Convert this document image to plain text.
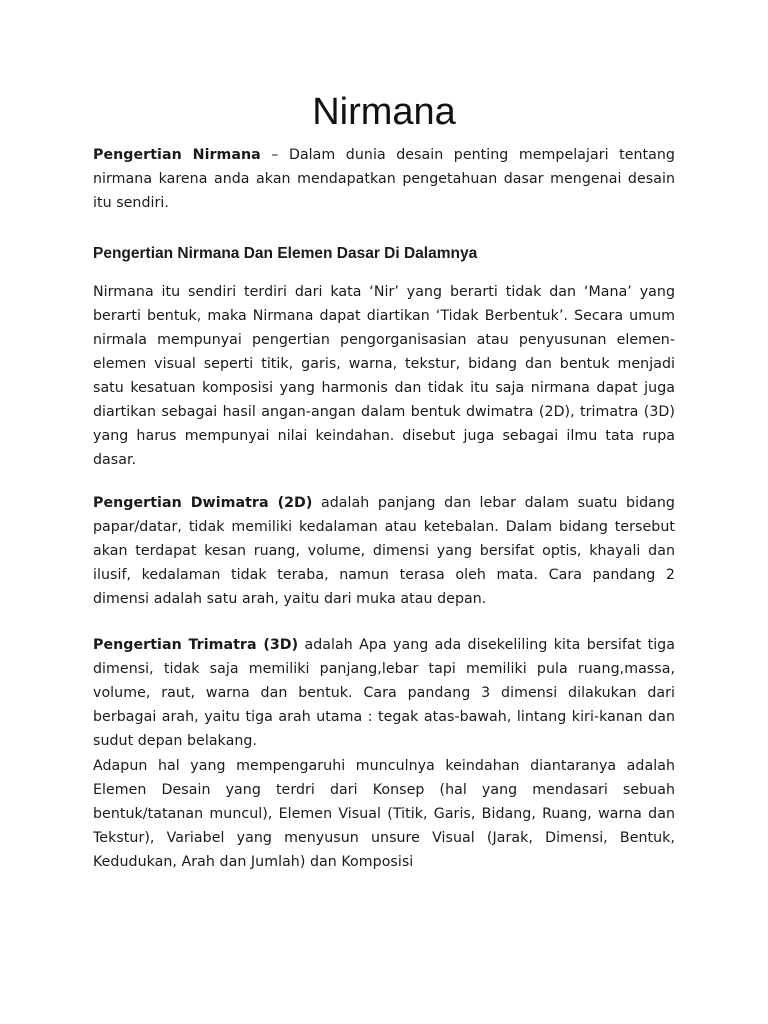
Nirmana

Pengertian Nirmana – Dalam dunia desain penting mempelajari tentang nirmana karena anda akan mendapatkan pengetahuan dasar mengenai desain itu sendiri.

Pengertian Nirmana Dan Elemen Dasar Di Dalamnya

Nirmana itu sendiri terdiri dari kata ‘Nir’ yang berarti tidak dan ‘Mana’ yang berarti bentuk, maka Nirmana dapat diartikan ‘Tidak Berbentuk’. Secara umum nirmala mempunyai pengertian pengorganisasian atau penyusunan elemen-elemen visual seperti titik, garis, warna, tekstur, bidang dan bentuk menjadi satu kesatuan komposisi yang harmonis dan tidak itu saja nirmana dapat juga diartikan sebagai hasil angan-angan dalam bentuk dwimatra (2D), trimatra (3D) yang harus mempunyai nilai keindahan. disebut juga sebagai ilmu tata rupa dasar.

Pengertian Dwimatra (2D) adalah panjang dan lebar dalam suatu bidang papar/datar, tidak memiliki kedalaman atau ketebalan. Dalam bidang tersebut akan terdapat kesan ruang, volume, dimensi yang bersifat optis, khayali dan ilusif, kedalaman tidak teraba, namun terasa oleh mata. Cara pandang 2 dimensi adalah satu arah, yaitu dari muka atau depan.

Pengertian Trimatra (3D) adalah Apa yang ada disekeliling kita bersifat tiga dimensi, tidak saja memiliki panjang,lebar tapi memiliki pula ruang,massa, volume, raut, warna dan bentuk. Cara pandang 3 dimensi dilakukan dari berbagai arah, yaitu tiga arah utama : tegak atas-bawah, lintang kiri-kanan dan sudut depan belakang.

Adapun hal yang mempengaruhi munculnya keindahan diantaranya adalah Elemen Desain yang terdri dari Konsep (hal yang mendasari sebuah bentuk/tatanan muncul), Elemen Visual (Titik, Garis, Bidang, Ruang, warna dan Tekstur), Variabel yang menyusun unsure Visual (Jarak, Dimensi, Bentuk, Kedudukan, Arah dan Jumlah) dan Komposisi
